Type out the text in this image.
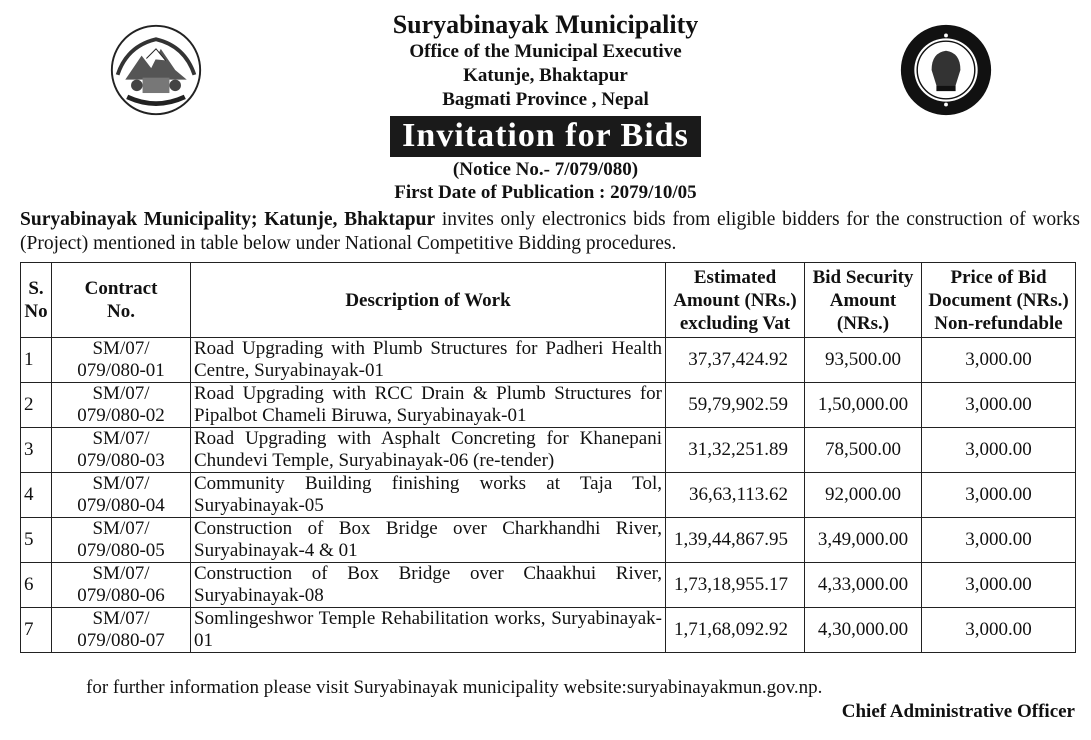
Suryabinayak Municipality
Office of the Municipal Executive
Katunje, Bhaktapur
Bagmati Province , Nepal
Invitation for Bids
(Notice No.- 7/079/080)
First Date of Publication : 2079/10/05
Suryabinayak Municipality; Katunje, Bhaktapur invites only electronics bids from eligible bidders for the construction of works (Project) mentioned in table below under National Competitive Bidding procedures.
S.
No	Contract
No.	Description of Work	Estimated
Amount (NRs.)
excluding Vat	Bid Security
Amount
(NRs.)	Price of Bid
Document (NRs.)
Non-refundable
1	SM/07/
079/080-01	Road Upgrading with Plumb Structures for Padheri Health Centre, Suryabinayak-01	37,37,424.92	93,500.00	3,000.00
2	SM/07/
079/080-02	Road Upgrading with RCC Drain & Plumb Structures for Pipalbot Chameli Biruwa, Suryabinayak-01	59,79,902.59	1,50,000.00	3,000.00
3	SM/07/
079/080-03	Road Upgrading with Asphalt Concreting for Khanepani Chundevi Temple, Suryabinayak-06 (re-tender)	31,32,251.89	78,500.00	3,000.00
4	SM/07/
079/080-04	Community Building finishing works at Taja Tol, Suryabinayak-05	36,63,113.62	92,000.00	3,000.00
5	SM/07/
079/080-05	Construction of Box Bridge over Charkhandhi River, Suryabinayak-4 & 01	1,39,44,867.95	3,49,000.00	3,000.00
6	SM/07/
079/080-06	Construction of Box Bridge over Chaakhui River, Suryabinayak-08	1,73,18,955.17	4,33,000.00	3,000.00
7	SM/07/
079/080-07	Somlingeshwor Temple Rehabilitation works, Suryabinayak-01	1,71,68,092.92	4,30,000.00	3,000.00
for further information please visit Suryabinayak municipality website:suryabinayakmun.gov.np.
Chief Administrative Officer
